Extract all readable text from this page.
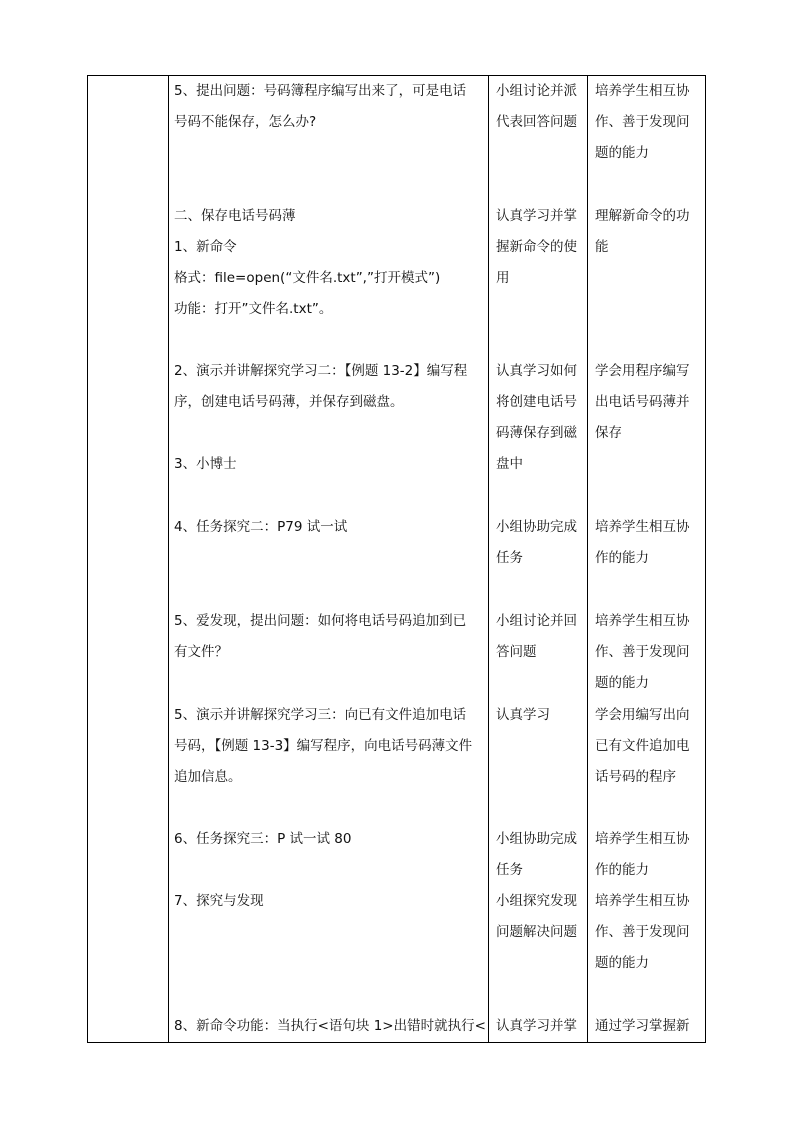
5、提出问题：号码簿程序编写出来了，可是电话
号码不能保存，怎么办?
二、保存电话号码薄
1、新命令
格式：file=open(“文件名.txt”,”打开模式”)
功能：打开”文件名.txt”。
2、演示并讲解探究学习二：【例题 13-2】编写程
序，创建电话号码薄，并保存到磁盘。

3、小博士
4、任务探究二：P79 试一试
5、爱发现，提出问题：如何将电话号码追加到已
有文件？
5、演示并讲解探究学习三：向已有文件追加电话
号码，【例题 13-3】编写程序，向电话号码薄文件
追加信息。
6、任务探究三：P 试一试 80
7、探究与发现
8、新命令功能：当执行<语句块 1>出错时就执行<
小组讨论并派
代表回答问题
认真学习并掌
握新命令的使
用
认真学习如何
将创建电话号
码薄保存到磁
盘中
小组协助完成
任务
小组讨论并回
答问题
认真学习
小组协助完成
任务
小组探究发现
问题解决问题
认真学习并掌
培养学生相互协
作、善于发现问
题的能力
理解新命令的功
能
学会用程序编写
出电话号码薄并
保存
培养学生相互协
作的能力
培养学生相互协
作、善于发现问
题的能力
学会用编写出向
已有文件追加电
话号码的程序
培养学生相互协
作的能力
培养学生相互协
作、善于发现问
题的能力
通过学习掌握新
